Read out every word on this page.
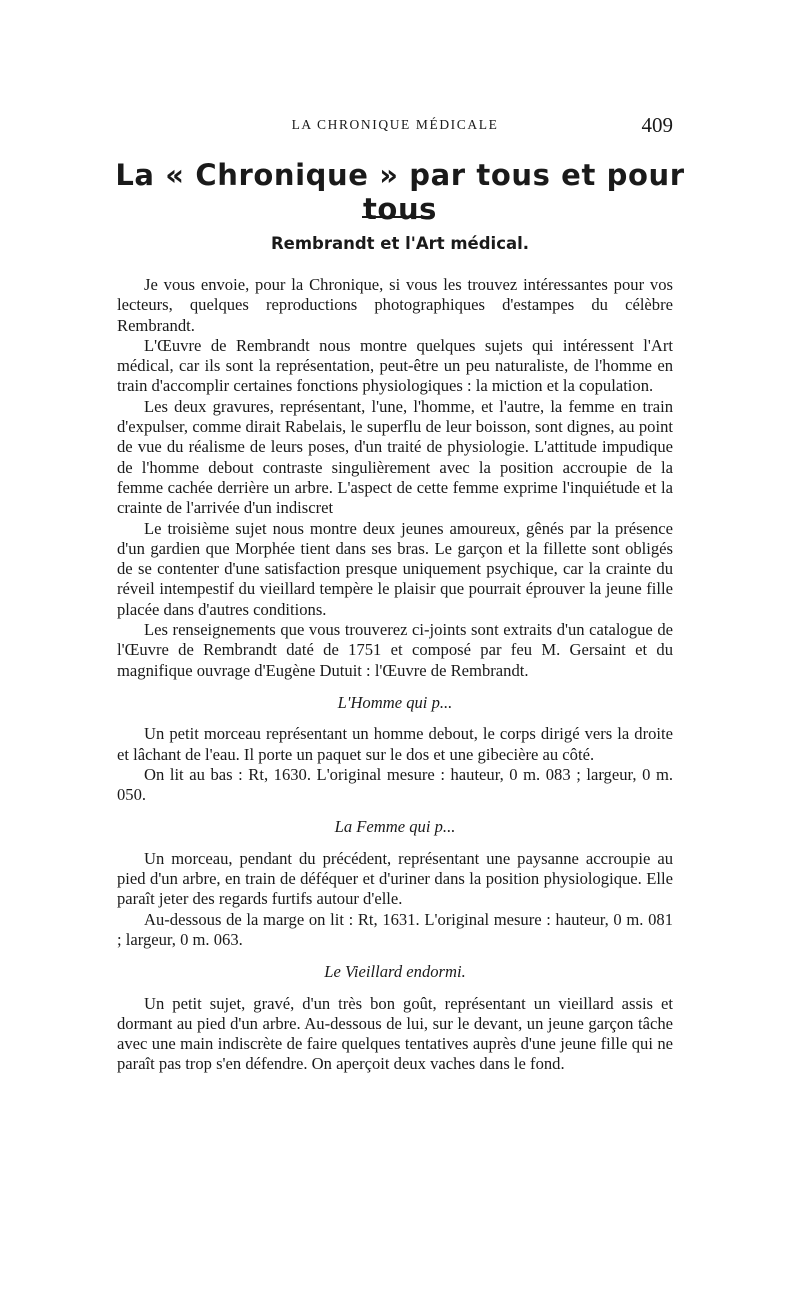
LA CHRONIQUE MÉDICALE	409
La « Chronique » par tous et pour tous
Rembrandt et l'Art médical.

Je vous envoie, pour la Chronique, si vous les trouvez intéressantes pour vos lecteurs, quelques reproductions photographiques d'estampes du célèbre Rembrandt.

L'Œuvre de Rembrandt nous montre quelques sujets qui intéressent l'Art médical, car ils sont la représentation, peut-être un peu naturaliste, de l'homme en train d'accomplir certaines fonctions physiologiques : la miction et la copulation.

Les deux gravures, représentant, l'une, l'homme, et l'autre, la femme en train d'expulser, comme dirait Rabelais, le superflu de leur boisson, sont dignes, au point de vue du réalisme de leurs poses, d'un traité de physiologie. L'attitude impudique de l'homme debout contraste singulièrement avec la position accroupie de la femme cachée derrière un arbre. L'aspect de cette femme exprime l'inquiétude et la crainte de l'arrivée d'un indiscret

Le troisième sujet nous montre deux jeunes amoureux, gênés par la présence d'un gardien que Morphée tient dans ses bras. Le garçon et la fillette sont obligés de se contenter d'une satisfaction presque uniquement psychique, car la crainte du réveil intempestif du vieillard tempère le plaisir que pourrait éprouver la jeune fille placée dans d'autres conditions.

Les renseignements que vous trouverez ci-joints sont extraits d'un catalogue de l'Œuvre de Rembrandt daté de 1751 et composé par feu M. Gersaint et du magnifique ouvrage d'Eugène Dutuit : l'Œuvre de Rembrandt.

L'Homme qui p...

Un petit morceau représentant un homme debout, le corps dirigé vers la droite et lâchant de l'eau. Il porte un paquet sur le dos et une gibecière au côté.

On lit au bas : Rt, 1630. L'original mesure : hauteur, 0 m. 083 ; largeur, 0 m. 050.

La Femme qui p...

Un morceau, pendant du précédent, représentant une paysanne accroupie au pied d'un arbre, en train de déféquer et d'uriner dans la position physiologique. Elle paraît jeter des regards furtifs autour d'elle.

Au-dessous de la marge on lit : Rt, 1631. L'original mesure : hauteur, 0 m. 081 ; largeur, 0 m. 063.

Le Vieillard endormi.

Un petit sujet, gravé, d'un très bon goût, représentant un vieillard assis et dormant au pied d'un arbre. Au-dessous de lui, sur le devant, un jeune garçon tâche avec une main indiscrète de faire quelques tentatives auprès d'une jeune fille qui ne paraît pas trop s'en défendre. On aperçoit deux vaches dans le fond.
